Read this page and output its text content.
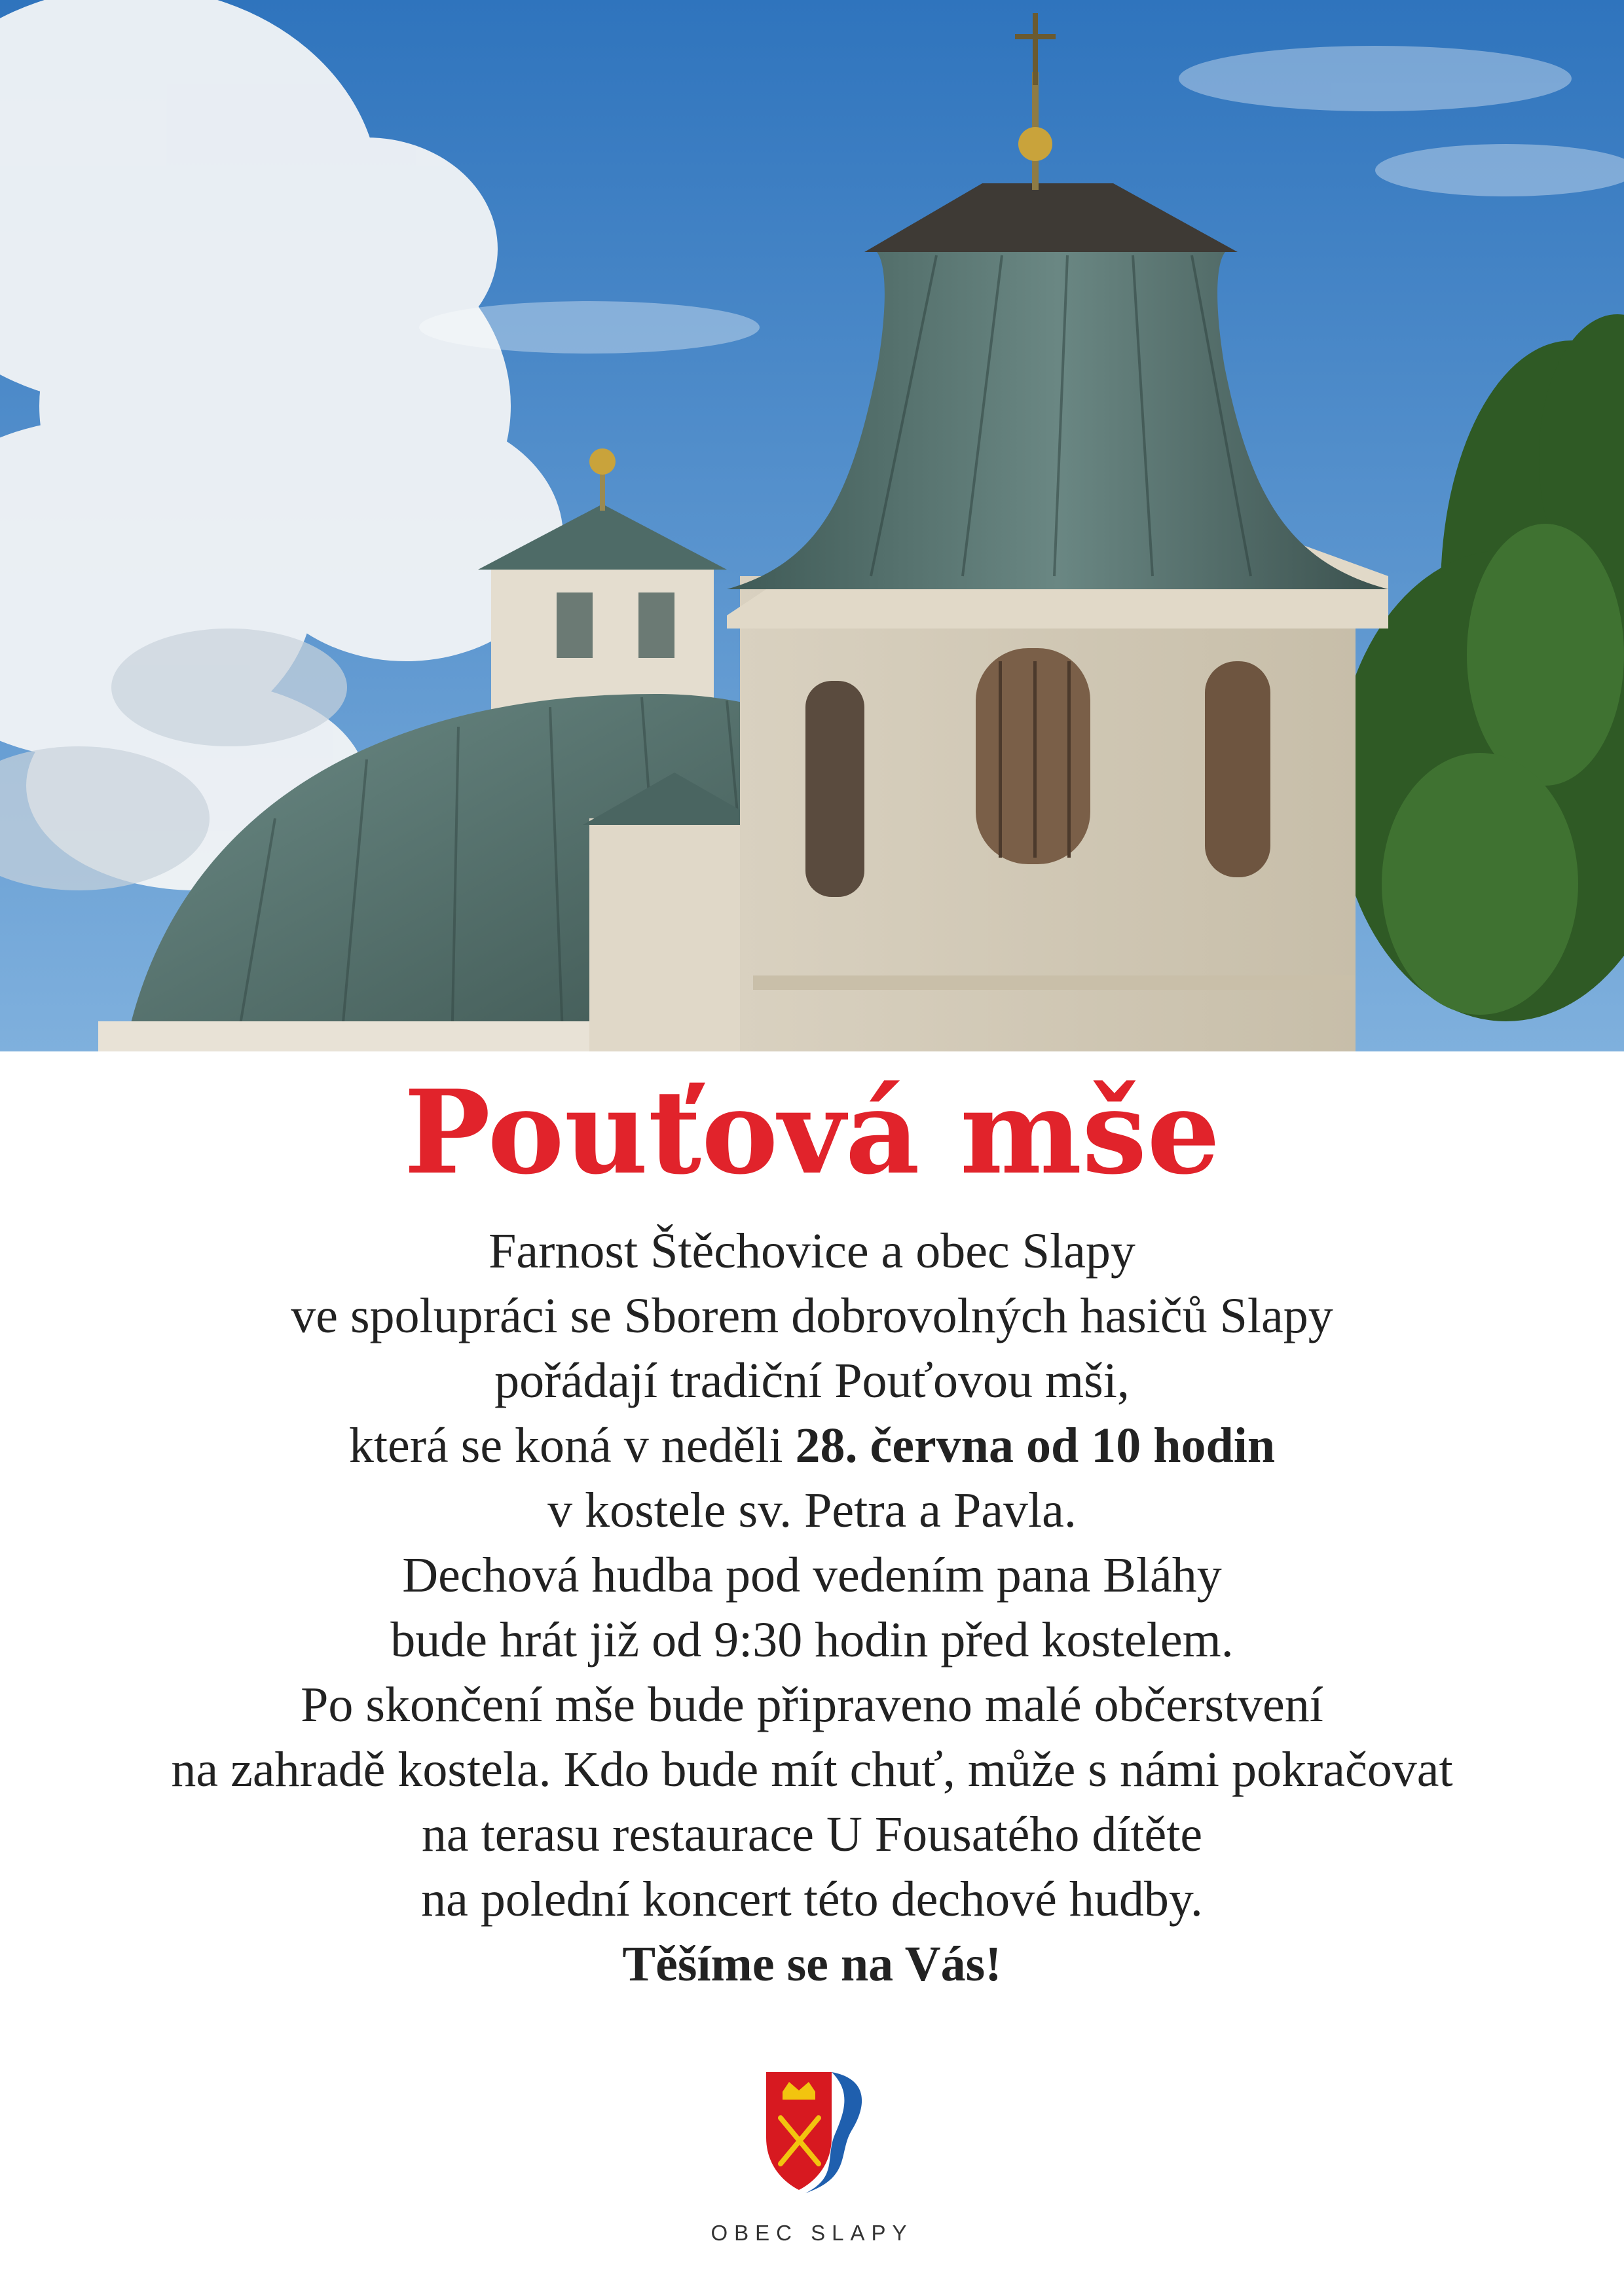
Pouťová mše
Farnost Štěchovice a obec Slapy
ve spolupráci se Sborem dobrovolných hasičů Slapy
pořádají tradiční Pouťovou mši,
která se koná v neděli 28. června od 10 hodin
v kostele sv. Petra a Pavla.
Dechová hudba pod vedením pana Bláhy
bude hrát již od 9:30 hodin před kostelem.
Po skončení mše bude připraveno malé občerstvení
na zahradě kostela. Kdo bude mít chuť, může s námi pokračovat
na terasu restaurace U Fousatého dítěte
na polední koncert této dechové hudby.
Těšíme se na Vás!
OBEC SLAPY
